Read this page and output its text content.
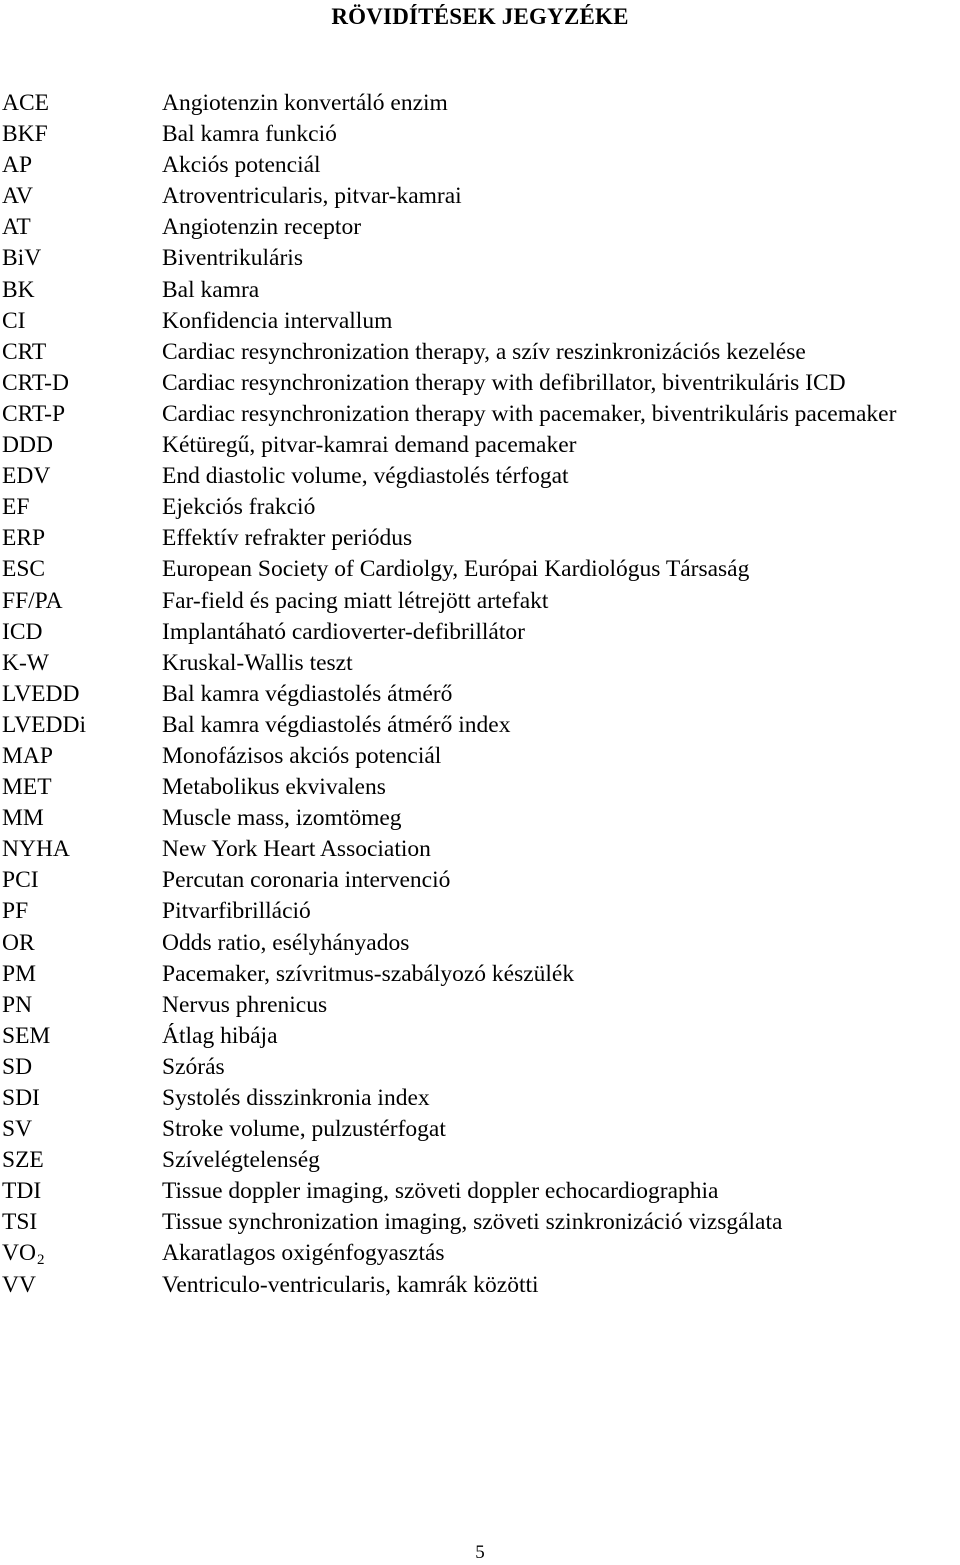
RÖVIDÍTÉSEK JEGYZÉKE
ACE	Angiotenzin konvertáló enzim
BKF	Bal kamra funkció
AP	Akciós potenciál
AV	Atroventricularis, pitvar-kamrai
AT	Angiotenzin receptor
BiV	Biventrikuláris
BK	Bal kamra
CI	Konfidencia intervallum
CRT	Cardiac resynchronization therapy, a szív reszinkronizációs kezelése
CRT-D	Cardiac resynchronization therapy with defibrillator, biventrikuláris ICD
CRT-P	Cardiac resynchronization therapy with pacemaker, biventrikuláris pacemaker
DDD	Kétüregű, pitvar-kamrai demand pacemaker
EDV	End diastolic volume, végdiastolés térfogat
EF	Ejekciós frakció
ERP	Effektív refrakter periódus
ESC	European Society of Cardiolgy, Európai Kardiológus Társaság
FF/PA	Far-field és pacing miatt létrejött artefakt
ICD	Implantáható cardioverter-defibrillátor
K-W	Kruskal-Wallis teszt
LVEDD	Bal kamra végdiastolés átmérő
LVEDDi	Bal kamra végdiastolés átmérő index
MAP	Monofázisos akciós potenciál
MET	Metabolikus ekvivalens
MM	Muscle mass, izomtömeg
NYHA	New York Heart Association
PCI	Percutan coronaria intervenció
PF	Pitvarfibrilláció
OR	Odds ratio, esélyhányados
PM	Pacemaker, szívritmus-szabályozó készülék
PN	Nervus phrenicus
SEM	Átlag hibája
SD	Szórás
SDI	Systolés disszinkronia index
SV	Stroke volume, pulzustérfogat
SZE	Szívelégtelenség
TDI	Tissue doppler imaging, szöveti doppler echocardiographia
TSI	Tissue synchronization imaging, szöveti szinkronizáció vizsgálata
$VO_2$	Akaratlagos oxigénfogyasztás
VV	Ventriculo-ventricularis, kamrák közötti
5
